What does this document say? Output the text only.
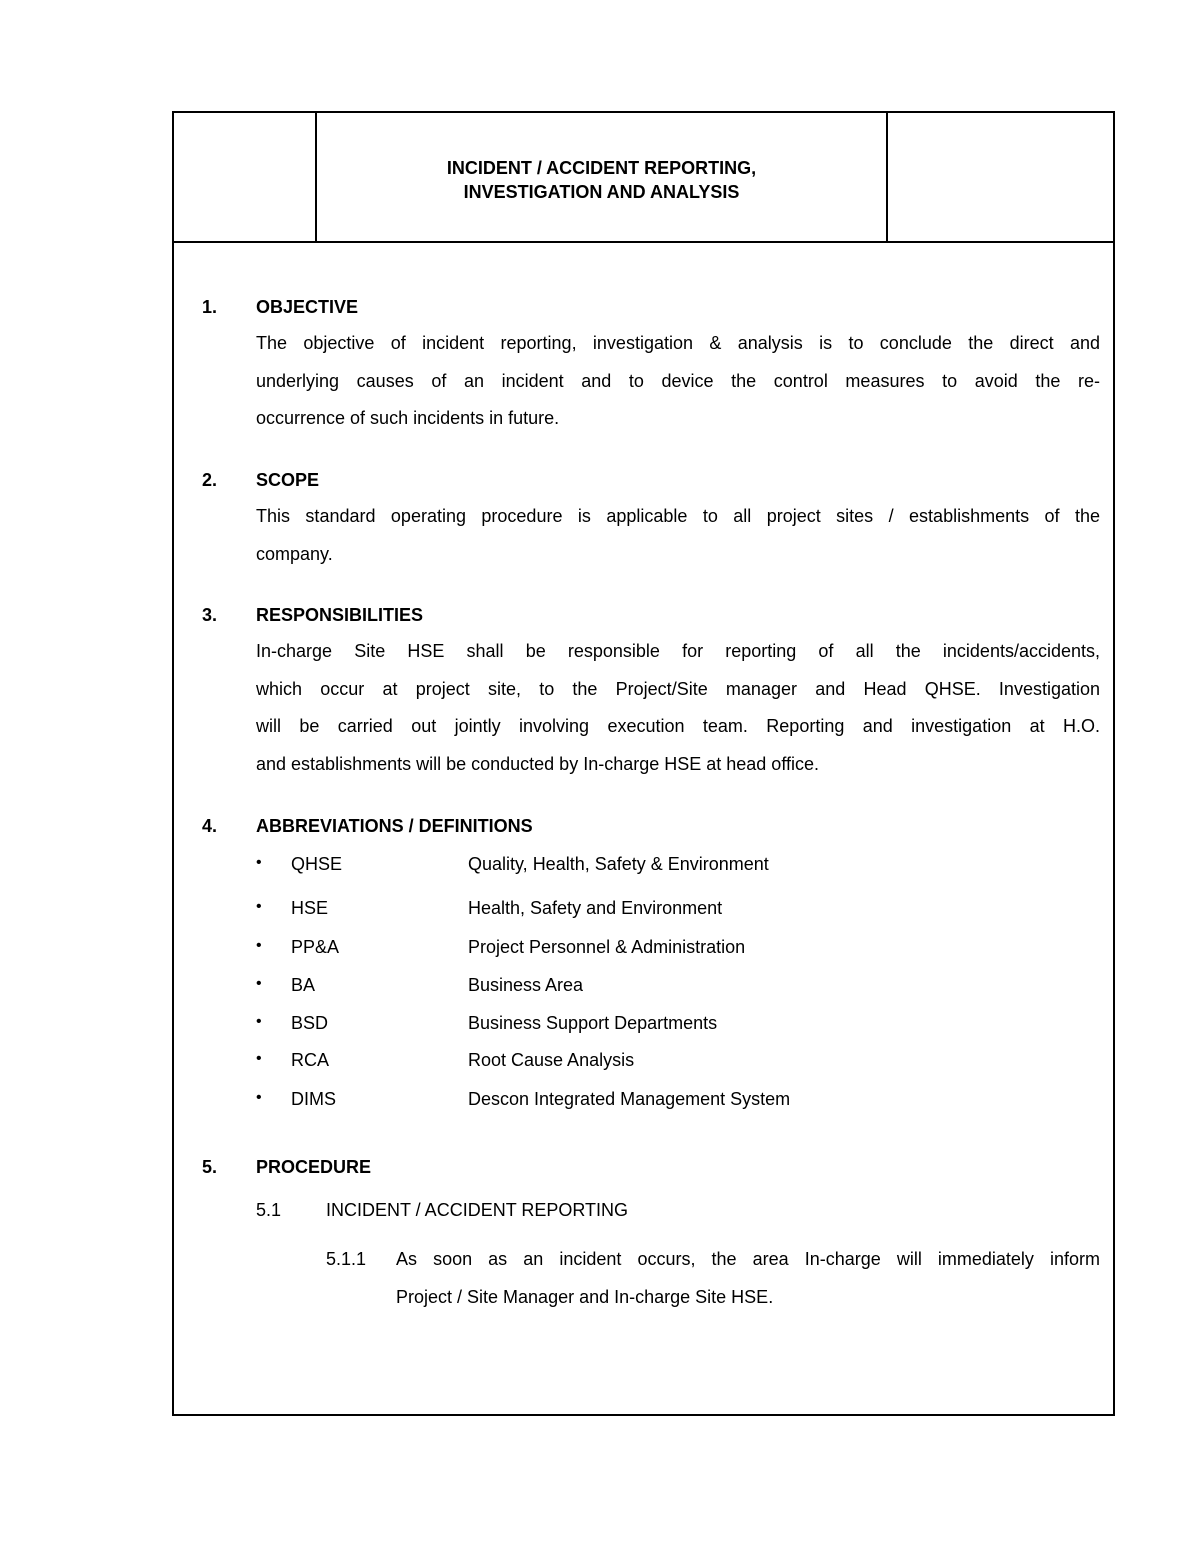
INCIDENT / ACCIDENT REPORTING,
INVESTIGATION AND ANALYSIS
1. OBJECTIVE
The objective of incident reporting, investigation & analysis is to conclude the direct and
underlying causes of an incident and to device the control measures to avoid the re-
occurrence of such incidents in future.
2. SCOPE
This standard operating procedure is applicable to all project sites / establishments of the
company.
3. RESPONSIBILITIES
In-charge Site HSE shall be responsible for reporting of all the incidents/accidents,
which occur at project site, to the Project/Site manager and Head QHSE. Investigation
will be carried out jointly involving execution team. Reporting and investigation at H.O.
and establishments will be conducted by In-charge HSE at head office.
4. ABBREVIATIONS / DEFINITIONS
• QHSE	Quality, Health, Safety & Environment
• HSE	Health, Safety and Environment
• PP&A	Project Personnel & Administration
• BA	Business Area
• BSD	Business Support Departments
• RCA	Root Cause Analysis
• DIMS	Descon Integrated Management System
5. PROCEDURE
5.1 INCIDENT / ACCIDENT REPORTING
5.1.1 As soon as an incident occurs, the area In-charge will immediately inform
Project / Site Manager and In-charge Site HSE.
